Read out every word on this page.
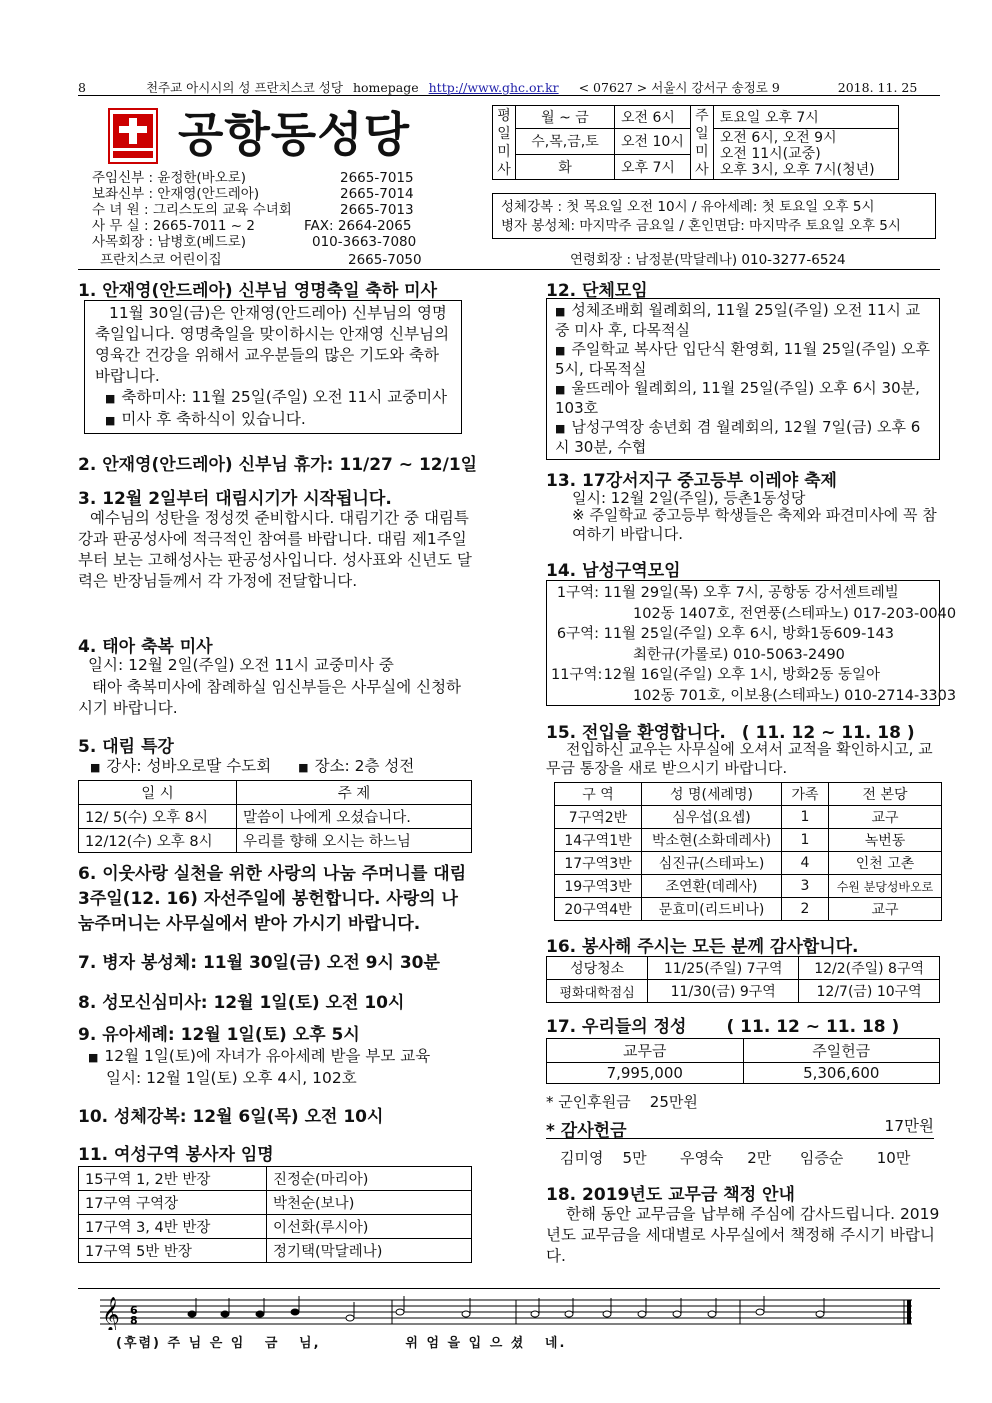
8	천주교 아시시의 성 프란치스코 성당 homepage http://www.ghc.or.kr < 07627 > 서울시 강서구 송정로 9	2018. 11. 25
공항동성당
주임신부 : 윤정한(바오로)	2665-7015
보좌신부 : 안재영(안드레아)	2665-7014
수 녀 원 : 그리스도의 교육 수녀회	2665-7013
사 무 실 : 2665-7011 ~ 2	FAX: 2664-2065
사목회장 : 남병호(베드로)	010-3663-7080
프란치스코 어린이집	2665-7050	연령회장 : 남정분(막달레나) 010-3277-6524
평일미사	월 ~ 금	오전 6시	주일미사	토요일 오후 7시
	수,목,금,토	오전 10시		오전 6시, 오전 9시
오전 11시(교중)
오후 3시, 오후 7시(청년)

	화	오후 7시		
성체강복 : 첫 목요일 오전 10시 / 유아세례: 첫 토요일 오후 5시
병자 봉성체: 마지막주 금요일 / 혼인면담: 마지막주 토요일 오후 5시
1. 안재영(안드레아) 신부님 영명축일 축하 미사
11월 30일(금)은 안재영(안드레아) 신부님의 영명축일입니다. 영명축일을 맞이하시는 안재영 신부님의 영육간 건강을 위해서 교우분들의 많은 기도와 축하 바랍니다.
■ 축하미사: 11월 25일(주일) 오전 11시 교중미사
■ 미사 후 축하식이 있습니다.
2. 안재영(안드레아) 신부님 휴가: 11/27 ~ 12/1일
3. 12월 2일부터 대림시기가 시작됩니다.
예수님의 성탄을 정성껏 준비합시다. 대림기간 중 대림특강과 판공성사에 적극적인 참여를 바랍니다. 대림 제1주일부터 보는 고해성사는 판공성사입니다. 성사표와 신년도 달력은 반장님들께서 각 가정에 전달합니다.
4. 태아 축복 미사
일시: 12월 2일(주일) 오전 11시 교중미사 중
태아 축복미사에 참례하실 임신부들은 사무실에 신청하시기 바랍니다.
5. 대림 특강
■ 강사: 성바오로딸 수도회	■ 장소: 2층 성전
일 시	주 제
12/ 5(수) 오후 8시	말씀이 나에게 오셨습니다.
12/12(수) 오후 8시	우리를 향해 오시는 하느님
6. 이웃사랑 실천을 위한 사랑의 나눔 주머니를 대림 3주일(12. 16) 자선주일에 봉헌합니다. 사랑의 나눔주머니는 사무실에서 받아 가시기 바랍니다.
7. 병자 봉성체: 11월 30일(금) 오전 9시 30분
8. 성모신심미사: 12월 1일(토) 오전 10시
9. 유아세례: 12월 1일(토) 오후 5시
■ 12월 1일(토)에 자녀가 유아세례 받을 부모 교육
일시: 12월 1일(토) 오후 4시, 102호
10. 성체강복: 12월 6일(목) 오전 10시
11. 여성구역 봉사자 임명
15구역 1, 2반 반장	진정순(마리아)
17구역 구역장	박천순(보나)
17구역 3, 4반 반장	이선화(루시아)
17구역 5반 반장	정기택(막달레나)
12. 단체모임
■ 성체조배회 월례회의, 11월 25일(주일) 오전 11시 교중 미사 후, 다목적실
■ 주일학교 복사단 입단식 환영회, 11월 25일(주일) 오후 5시, 다목적실
■ 울뜨레아 월례회의, 11월 25일(주일) 오후 6시 30분, 103호
■ 남성구역장 송년회 겸 월례회의, 12월 7일(금) 오후 6시 30분, 수협
13. 17강서지구 중고등부 이레야 축제
일시: 12월 2일(주일), 등촌1동성당
※ 주일학교 중고등부 학생들은 축제와 파견미사에 꼭 참여하기 바랍니다.
14. 남성구역모임
1구역: 11월 29일(목) 오후 7시, 공항동 강서센트레빌
102동 1407호, 전연풍(스테파노) 017-203-0040
6구역: 11월 25일(주일) 오후 6시, 방화1동609-143
최한규(가롤로) 010-5063-2490
11구역: 12월 16일(주일) 오후 1시, 방화2동 동일아
102동 701호, 이보용(스테파노) 010-2714-3303
15. 전입을 환영합니다. ( 11. 12 ~ 11. 18 )
전입하신 교우는 사무실에 오셔서 교적을 확인하시고, 교무금 통장을 새로 받으시기 바랍니다.
구 역	성 명(세례명)	가족	전 본당
7구역2반	심우섭(요셉)	1	교구
14구역1반	박소현(소화데레사)	1	녹번동
17구역3반	심진규(스테파노)	4	인천 고촌
19구역3반	조연환(데레사)	3	수원 분당성바오로
20구역4반	문효미(리드비나)	2	교구
16. 봉사해 주시는 모든 분께 감사합니다.
성당청소	11/25(주일) 7구역	12/2(주일) 8구역
평화대학점심	11/30(금) 9구역	12/7(금) 10구역
17. 우리들의 정성 ( 11. 12 ~ 11. 18 )
교무금	주일헌금
7,995,000	5,306,600
* 군인후원금    25만원
* 감사헌금	17만원
김미영    5만       우영숙     2만      임증순       10만
18. 2019년도 교무금 책정 안내
한해 동안 교무금을 납부해 주심에 감사드립니다. 2019년도 교무금을 세대별로 사무실에서 책정해 주시기 바랍니다.
𝄞 6
8
(후렴) 주 님 은 임   금   님,             위 엄 을 입 으 셨   네.
